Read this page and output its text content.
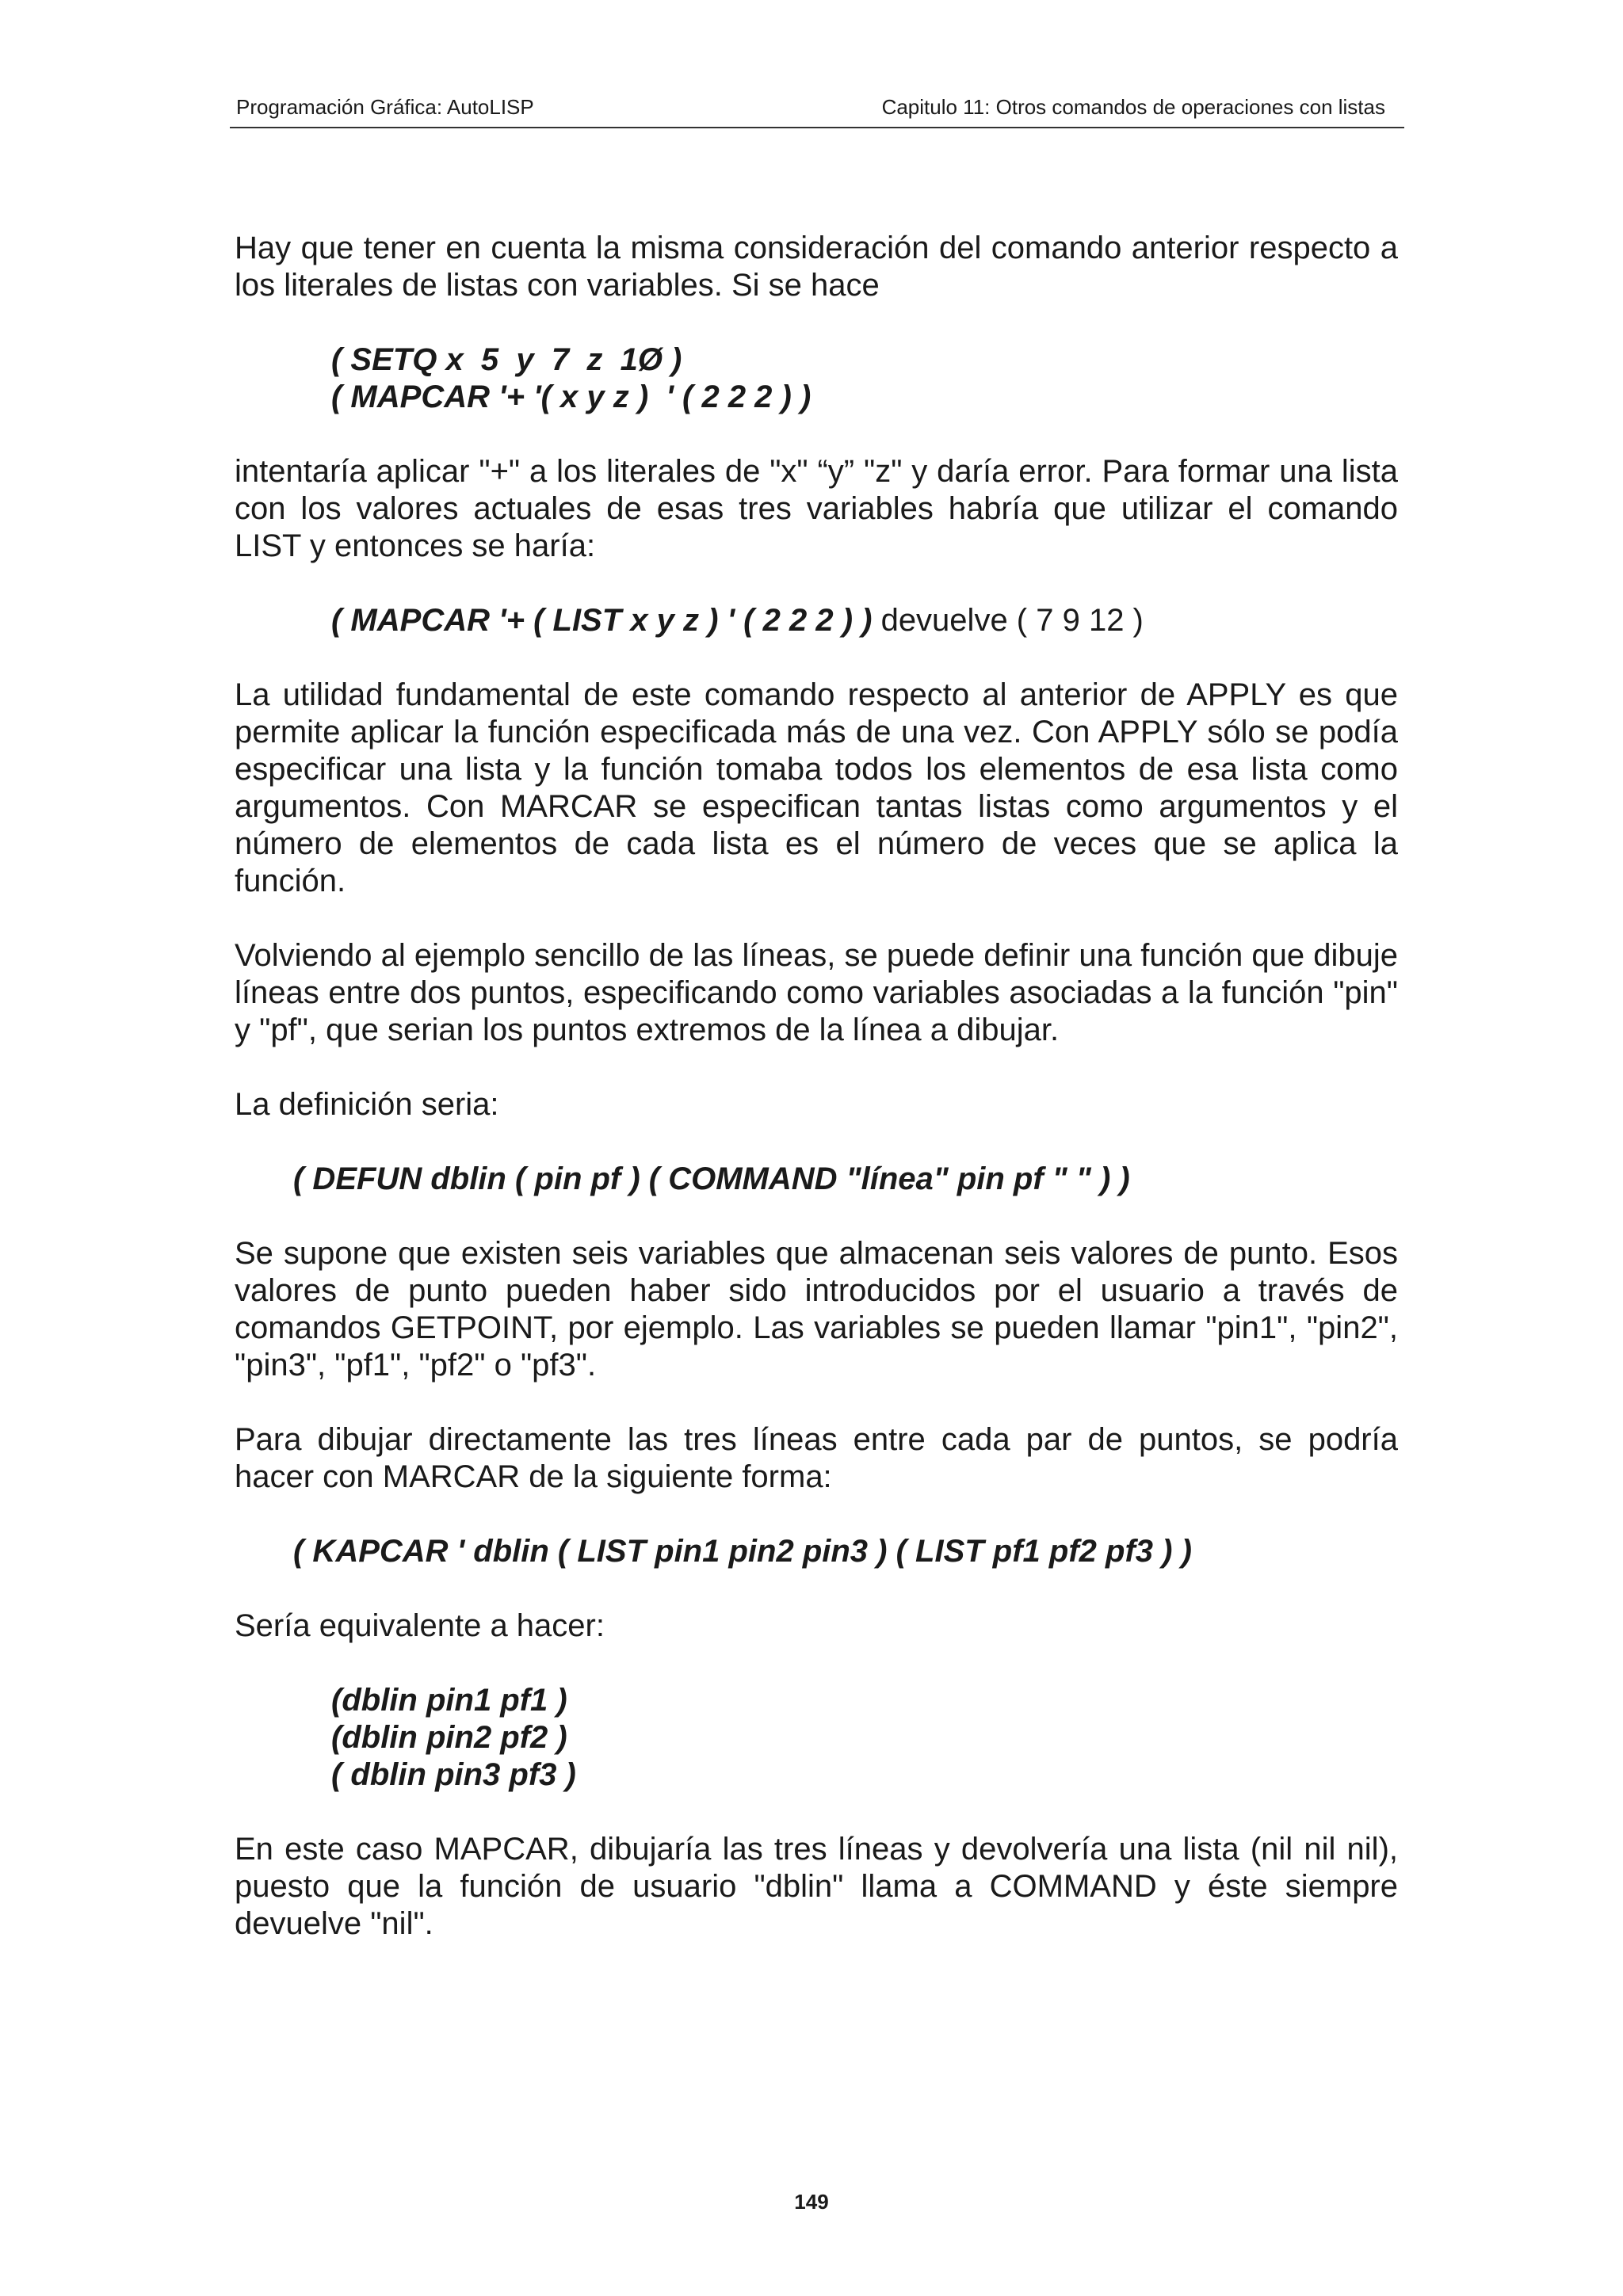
Programación Gráfica: AutoLISP	Capitulo 11: Otros comandos de operaciones con listas

Hay que tener en cuenta la misma consideración del comando anterior respecto a los literales de listas con variables. Si se hace

( SETQ x  5  y  7  z  1Ø )
( MAPCAR '+ '( x y z )  ' ( 2 2 2 ) )

intentaría aplicar "+" a los literales de "x" “y” "z" y daría error. Para formar una lista con los valores actuales de esas tres variables habría que utilizar el comando LIST y entonces se haría:

( MAPCAR '+ ( LIST x y z ) ' ( 2 2 2 ) ) devuelve ( 7 9 12 )

La utilidad fundamental de este comando respecto al anterior de APPLY es que permite aplicar la función especificada más de una vez. Con APPLY sólo se podía especificar una lista y la función tomaba todos los elementos de esa lista como argumentos. Con MARCAR se especifican tantas listas como argumentos y el número de elementos de cada lista es el número de veces que se aplica la función.

Volviendo al ejemplo sencillo de las líneas, se puede definir una función que dibuje líneas entre dos puntos, especificando como variables asociadas a la función "pin" y "pf", que serian los puntos extremos de la línea a dibujar.

La definición seria:

( DEFUN dblin ( pin pf ) ( COMMAND "línea" pin pf " " ) )

Se supone que existen seis variables que almacenan seis valores de punto. Esos valores de punto pueden haber sido introducidos por el usuario a través de comandos GETPOINT, por ejemplo. Las variables se pueden llamar "pin1", "pin2", "pin3", "pf1", "pf2" o "pf3".

Para dibujar directamente las tres líneas entre cada par de puntos, se podría hacer con MARCAR de la siguiente forma:

( KAPCAR ' dblin ( LIST pin1 pin2 pin3 ) ( LIST pf1 pf2 pf3 ) )

Sería equivalente a hacer:

(dblin pin1 pf1 )
(dblin pin2 pf2 )
( dblin pin3 pf3 )

En este caso MAPCAR, dibujaría las tres líneas y devolvería una lista (nil nil nil), puesto que la función de usuario "dblin" llama a COMMAND y éste siempre devuelve "nil".

149
